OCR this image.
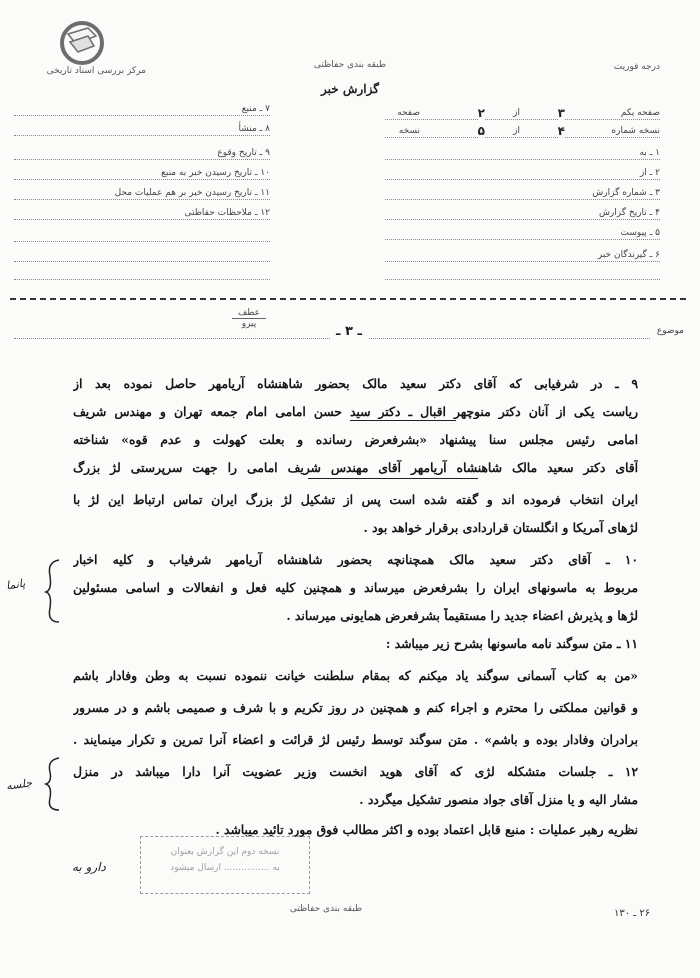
مرکز بررسی اسناد تاریخی	درجه فوریت
طبقه بندی حفاظتی
گزارش خبر
صفحه یکم
۳
از
۲
صفحه
نسخه شماره
۴
از
۵
نسخه
۱ ـ به
۲ ـ از
۳ ـ شماره گزارش
۴ ـ تاریخ گزارش
۵ ـ پیوست
۶ ـ گیرندگان خبر
۷ ـ منبع
۸ ـ منشأ
۹ ـ تاریخ وقوع
۱۰ ـ تاریخ رسیدن خبر به منبع
۱۱ ـ تاریخ رسیدن خبر بر هم عملیات محل
۱۲ ـ ملاحظات حفاظتی
موضوع
ـ ۳ ـ
عطف
پیرو
۹ ـ در شرفیابی که آقای دکتر سعید مالک بحضور شاهنشاه آریامهر حاصل نموده بعد از
ریاست یکی از آنان دکتر منوچهر اقبال ـ دکتر سید حسن امامی امام جمعه تهران و مهندس شریف
امامی رئیس مجلس سنا پیشنهاد «بشرفعرض رسانده و بعلت کهولت و عدم قوه» شناخته
آقای دکتر سعید مالک شاهنشاه آریامهر آقای مهندس شریف امامی را جهت سرپرستی لژ بزرگ
ایران انتخاب فرموده اند و گفته شده است پس از تشکیل لژ بزرگ ایران تماس ارتباط این لژ با
لژهای آمریکا و انگلستان قراردادی برقرار خواهد بود .
۱۰ ـ آقای دکتر سعید مالک همچنانچه بحضور شاهنشاه آریامهر شرفیاب و کلیه اخبار
مربوط به ماسونهای ایران را بشرفعرض میرساند و همچنین کلیه فعل و انفعالات و اسامی مسئولین
لژها و پذیرش اعضاء جدید را مستقیماً بشرفعرض همایونی میرساند .
۱۱ ـ متن سوگند نامه ماسونها بشرح زیر میباشد :
«من به کتاب آسمانی سوگند یاد میکنم که بمقام سلطنت خیانت ننموده نسبت به وطن وفادار باشم
و قوانین مملکتی را محترم و اجراء کنم و همچنین در روز تکریم و با شرف و صمیمی باشم و در مسرور
برادران وفادار بوده و باشم» . متن سوگند توسط رئیس لژ قرائت و اعضاء آنرا تمرین و تکرار مینمایند .
۱۲ ـ جلسات متشکله لژی که آقای هوید انخست وزیر عضویت آنرا دارا میباشد در منزل
مشار الیه و یا منزل آقای جواد منصور تشکیل میگردد .
نظریه رهبر عملیات : منبع قابل اعتماد بوده و اکثر مطالب فوق مورد تائید میباشد .
پانما
جلسه
نسخه دوم این گزارش بعنوان
به ................ ارسال میشود
دارو به
طبقه بندی حفاظتی	۲۶ ـ ۱۳۰
